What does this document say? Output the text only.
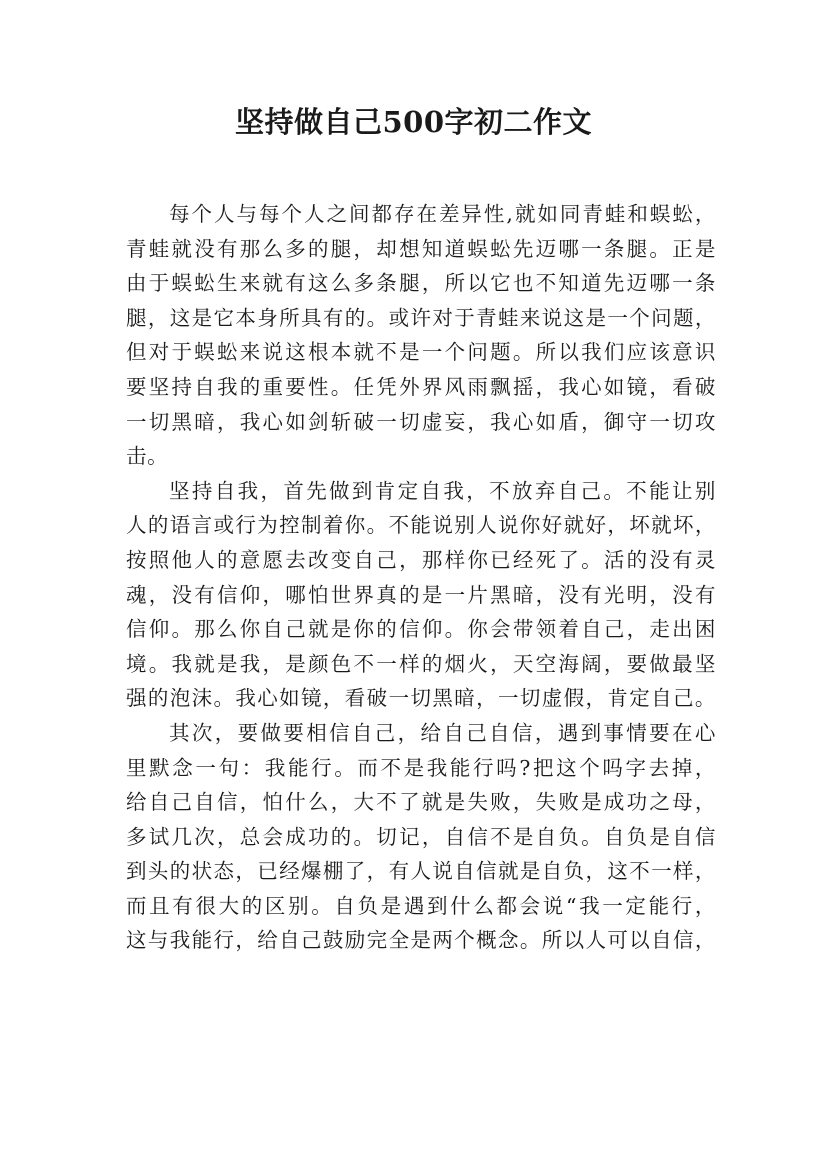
坚持做自己500字初二作文
每个人与每个人之间都存在差异性,就如同青蛙和蜈蚣，
青蛙就没有那么多的腿，却想知道蜈蚣先迈哪一条腿。正是
由于蜈蚣生来就有这么多条腿，所以它也不知道先迈哪一条
腿，这是它本身所具有的。或许对于青蛙来说这是一个问题，
但对于蜈蚣来说这根本就不是一个问题。所以我们应该意识
要坚持自我的重要性。任凭外界风雨飘摇，我心如镜，看破
一切黑暗，我心如剑斩破一切虚妄，我心如盾，御守一切攻
击。
坚持自我，首先做到肯定自我，不放弃自己。不能让别
人的语言或行为控制着你。不能说别人说你好就好，坏就坏，
按照他人的意愿去改变自己，那样你已经死了。活的没有灵
魂，没有信仰，哪怕世界真的是一片黑暗，没有光明，没有
信仰。那么你自己就是你的信仰。你会带领着自己，走出困
境。我就是我，是颜色不一样的烟火，天空海阔，要做最坚
强的泡沫。我心如镜，看破一切黑暗，一切虚假，肯定自己。
其次，要做要相信自己，给自己自信，遇到事情要在心
里默念一句：我能行。而不是我能行吗?把这个吗字去掉，
给自己自信，怕什么，大不了就是失败，失败是成功之母，
多试几次，总会成功的。切记，自信不是自负。自负是自信
到头的状态，已经爆棚了，有人说自信就是自负，这不一样，
而且有很大的区别。自负是遇到什么都会说“我一定能行，
这与我能行，给自己鼓励完全是两个概念。所以人可以自信，
